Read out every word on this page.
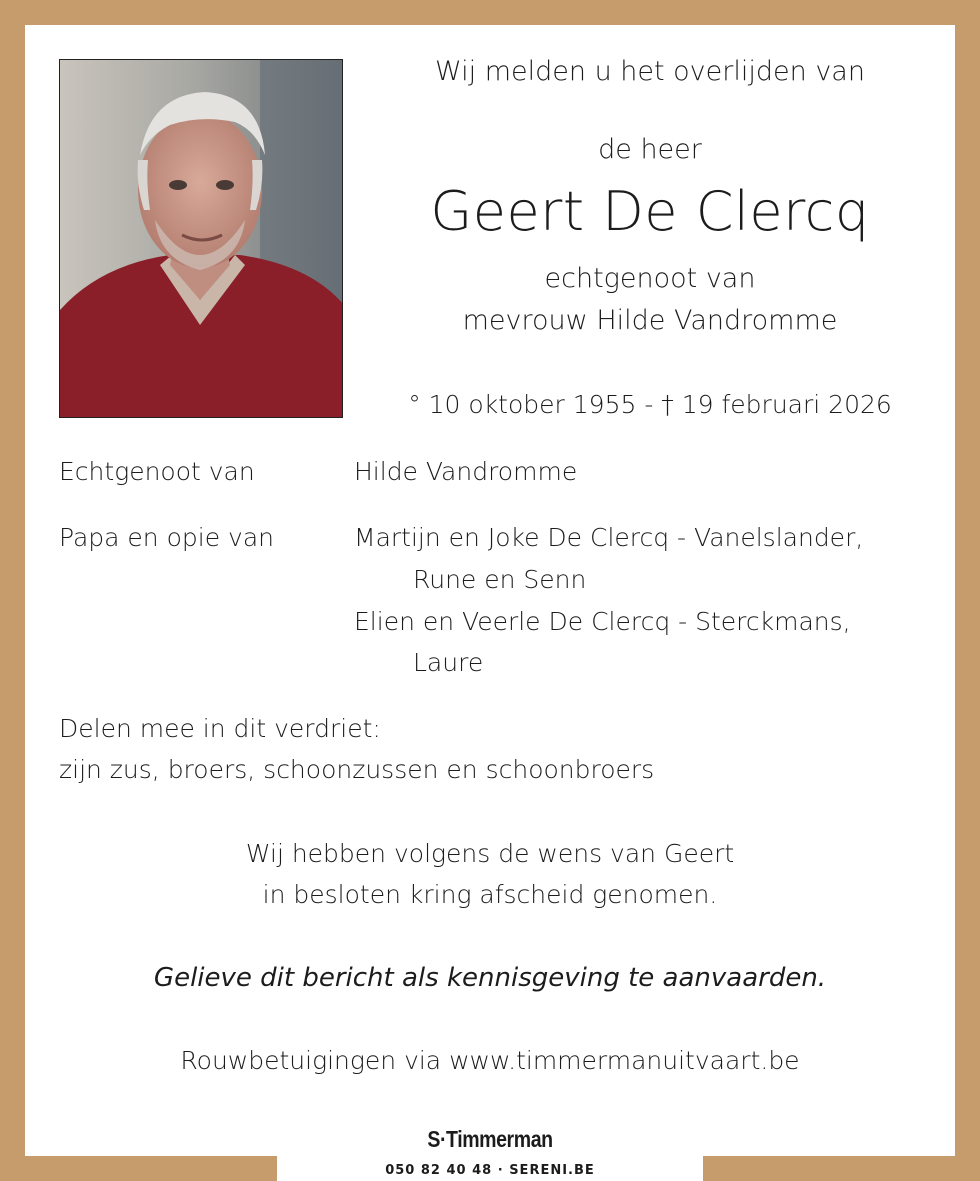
Wij melden u het overlijden van
de heer
Geert De Clercq
echtgenoot van
mevrouw Hilde Vandromme
° 10 oktober 1955 - † 19 februari 2026
Echtgenoot van	Hilde Vandromme
Papa en opie van	Martijn en Joke De Clercq - Vanelslander,
Rune en Senn
Elien en Veerle De Clercq - Sterckmans,
Laure
Delen mee in dit verdriet:
zijn zus, broers, schoonzussen en schoonbroers
Wij hebben volgens de wens van Geert
in besloten kring afscheid genomen.
Gelieve dit bericht als kennisgeving te aanvaarden.
Rouwbetuigingen via www.timmermanuitvaart.be
S·Timmerman
050 82 40 48 · SERENI.BE
